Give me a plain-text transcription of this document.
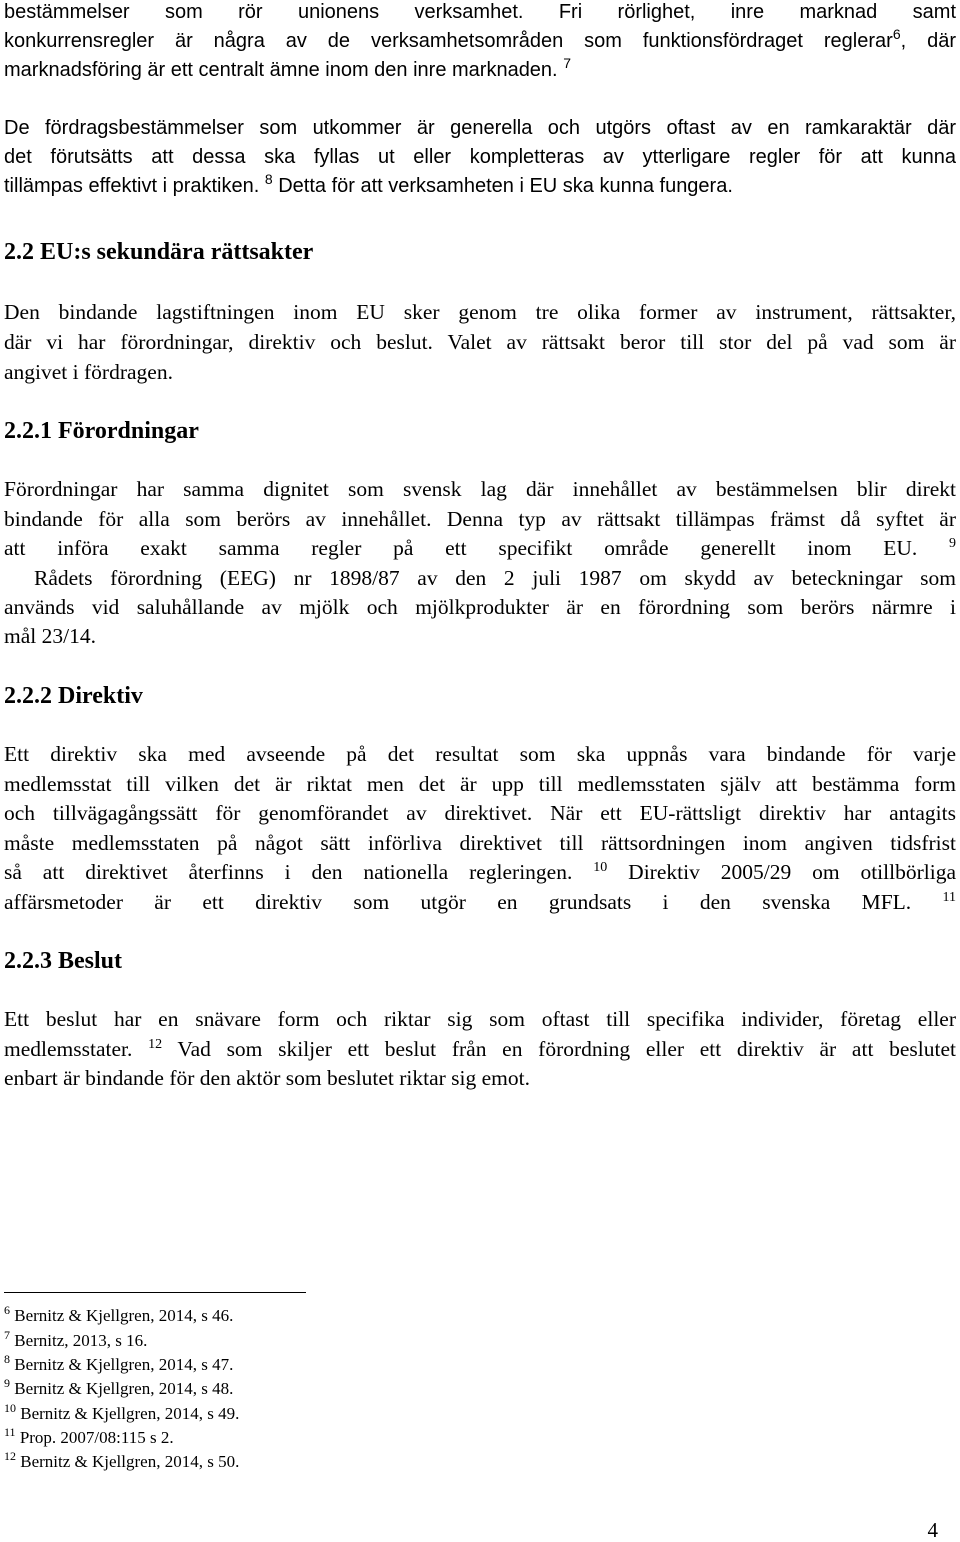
bestämmelser som rör unionens verksamhet. Fri rörlighet, inre marknad samt
konkurrensregler är några av de verksamhetsområden som funktionsfördraget reglerar$^6$, där
marknadsföring är ett centralt ämne inom den inre marknaden. $^7$
De fördragsbestämmelser som utkommer är generella och utgörs oftast av en ramkaraktär där
det förutsätts att dessa ska fyllas ut eller kompletteras av ytterligare regler för att kunna
tillämpas effektivt i praktiken. $^8$ Detta för att verksamheten i EU ska kunna fungera.
2.2 EU:s sekundära rättsakter
Den bindande lagstiftningen inom EU sker genom tre olika former av instrument, rättsakter,
där vi har förordningar, direktiv och beslut. Valet av rättsakt beror till stor del på vad som är
angivet i fördragen.
2.2.1 Förordningar
Förordningar har samma dignitet som svensk lag där innehållet av bestämmelsen blir direkt
bindande för alla som berörs av innehållet. Denna typ av rättsakt tillämpas främst då syftet är
att införa exakt samma regler på ett specifikt område generellt inom EU. $^9$
Rådets förordning (EEG) nr 1898/87 av den 2 juli 1987 om skydd av beteckningar som
används vid saluhållande av mjölk och mjölkprodukter är en förordning som berörs närmre i
mål 23/14.
2.2.2 Direktiv
Ett direktiv ska med avseende på det resultat som ska uppnås vara bindande för varje
medlemsstat till vilken det är riktat men det är upp till medlemsstaten själv att bestämma form
och tillvägagångssätt för genomförandet av direktivet. När ett EU-rättsligt direktiv har antagits
måste medlemsstaten på något sätt införliva direktivet till rättsordningen inom angiven tidsfrist
så att direktivet återfinns i den nationella regleringen. $^{10}$ Direktiv 2005/29 om otillbörliga
affärsmetoder är ett direktiv som utgör en grundsats i den svenska MFL. $^{11}$
2.2.3 Beslut
Ett beslut har en snävare form och riktar sig som oftast till specifika individer, företag eller
medlemsstater. $^{12}$ Vad som skiljer ett beslut från en förordning eller ett direktiv är att beslutet
enbart är bindande för den aktör som beslutet riktar sig emot.
$^6$ Bernitz & Kjellgren, 2014, s 46.
$^7$ Bernitz, 2013, s 16.
$^8$ Bernitz & Kjellgren, 2014, s 47.
$^9$ Bernitz & Kjellgren, 2014, s 48.
$^{10}$ Bernitz & Kjellgren, 2014, s 49.
$^{11}$ Prop. 2007/08:115 s 2.
$^{12}$ Bernitz & Kjellgren, 2014, s 50.
4
